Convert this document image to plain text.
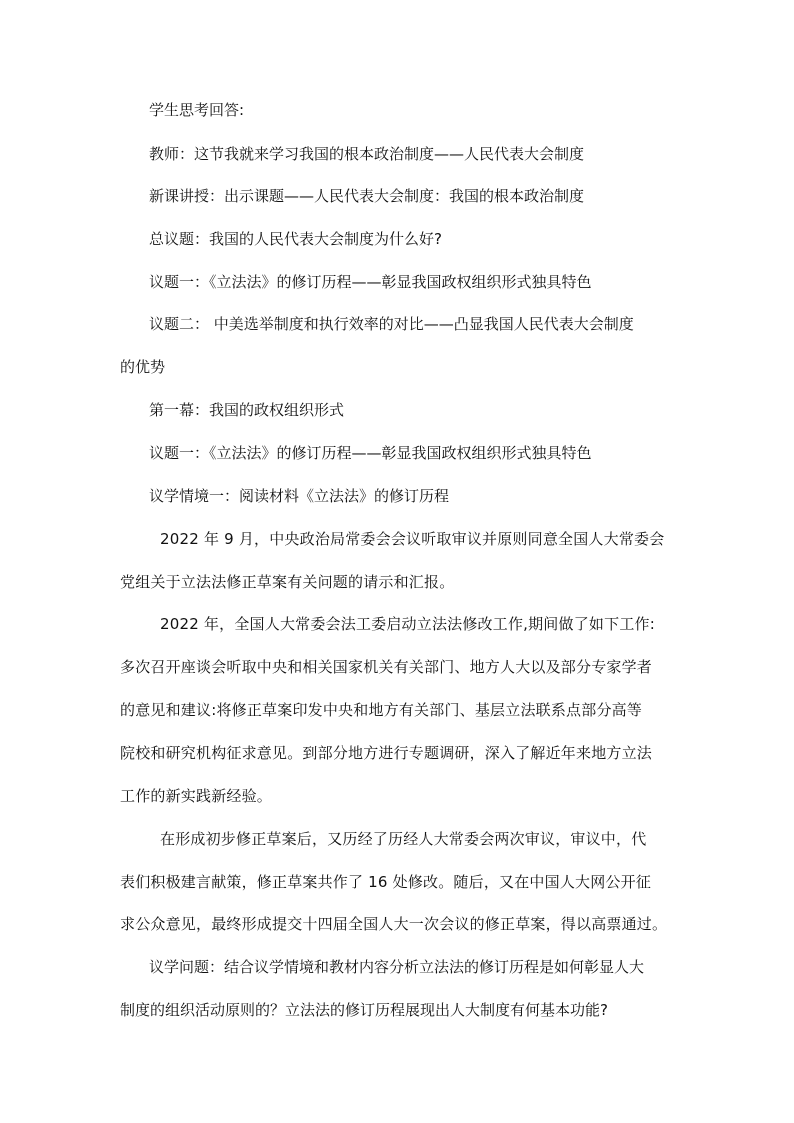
学生思考回答:
教师：这节我就来学习我国的根本政治制度——人民代表大会制度
新课讲授：出示课题——人民代表大会制度：我国的根本政治制度
总议题：我国的人民代表大会制度为什么好?
议题一：《立法法》的修订历程——彰显我国政权组织形式独具特色
议题二： 中美选举制度和执行效率的对比——凸显我国人民代表大会制度
的优势
第一幕：我国的政权组织形式
议题一：《立法法》的修订历程——彰显我国政权组织形式独具特色
议学情境一：阅读材料《立法法》的修订历程
2022 年 9 月，中央政治局常委会会议听取审议并原则同意全国人大常委会
党组关于立法法修正草案有关问题的请示和汇报。
2022 年，全国人大常委会法工委启动立法法修改工作,期间做了如下工作:
多次召开座谈会听取中央和相关国家机关有关部门、地方人大以及部分专家学者
的意见和建议:将修正草案印发中央和地方有关部门、基层立法联系点部分高等
院校和研究机构征求意见。到部分地方进行专题调研，深入了解近年来地方立法
工作的新实践新经验。
在形成初步修正草案后，又历经了历经人大常委会两次审议，审议中，代
表们积极建言献策，修正草案共作了 16 处修改。随后，又在中国人大网公开征
求公众意见，最终形成提交十四届全国人大一次会议的修正草案，得以高票通过。
议学问题：结合议学情境和教材内容分析立法法的修订历程是如何彰显人大
制度的组织活动原则的？立法法的修订历程展现出人大制度有何基本功能?
